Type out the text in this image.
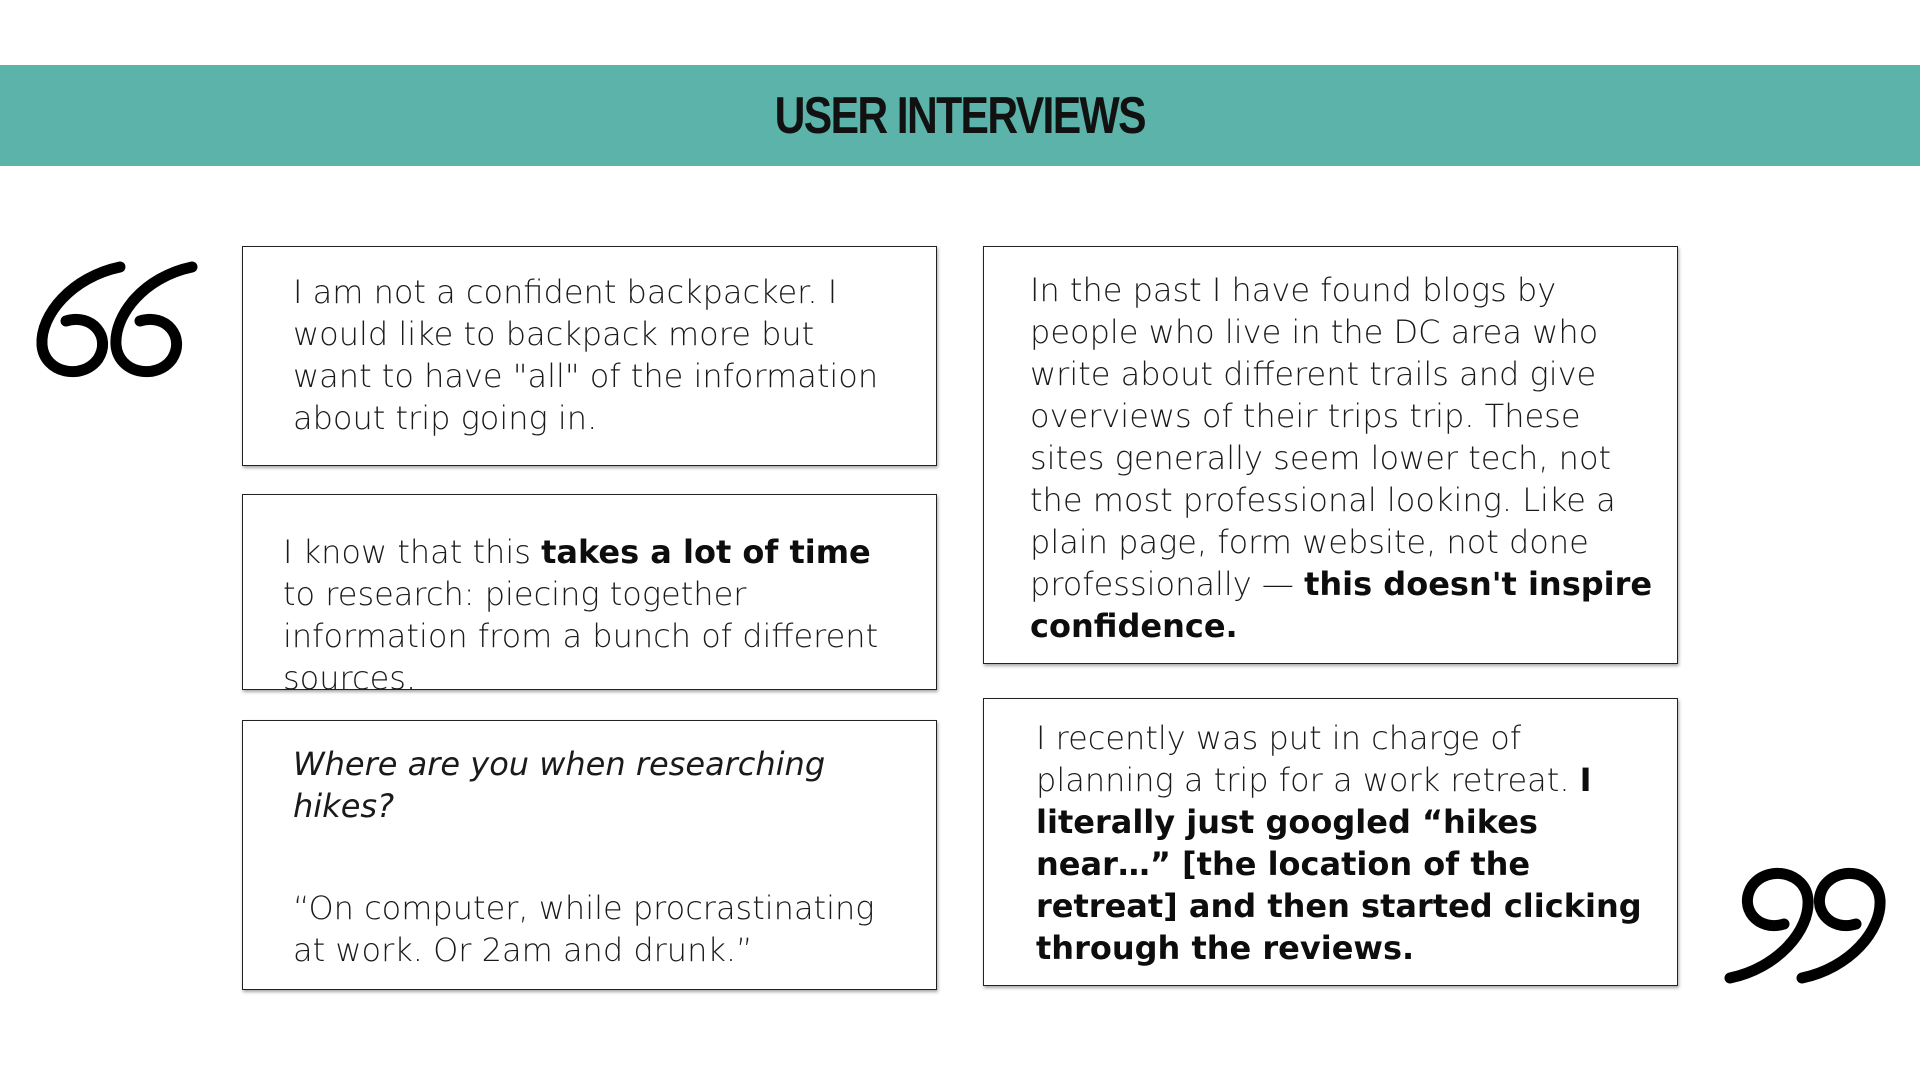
USER INTERVIEWS

I am not a confident backpacker. I would like to backpack more but want to have "all" of the information about trip going in.

I know that this takes a lot of time to research: piecing together information from a bunch of different sources.

Where are you when researching hikes?

“On computer, while procrastinating at work. Or 2am and drunk.”

In the past I have found blogs by people who live in the DC area who write about different trails and give overviews of their trips trip. These sites generally seem lower tech, not the most professional looking. Like a plain page, form website, not done professionally — this doesn't inspire confidence.

I recently was put in charge of planning a trip for a work retreat. I literally just googled “hikes near…” [the location of the retreat] and then started clicking through the reviews.
